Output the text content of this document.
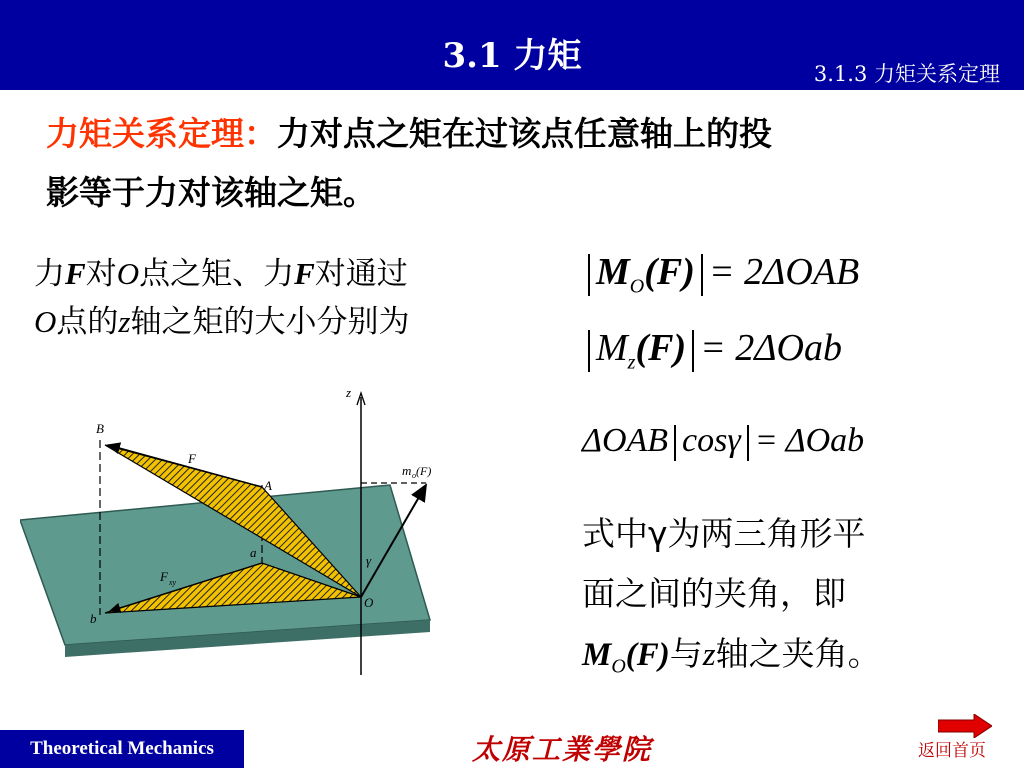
3.1 力矩	3.1.3 力矩关系定理
力矩关系定理：力对点之矩在过该点任意轴上的投
影等于力对该轴之矩。
力F对O点之矩、力F对通过
O点的z轴之矩的大小分别为
$M_O(F) = 2\Delta OAB$
$M_z(F) = 2\Delta Oab$
ΔOAB cosγ = ΔOab
式中γ为两三角形平
面之间的夹角，即
$M_O(F)$与z轴之夹角。
B
F
A
a
F xy
b
O
z
γ
m o (F)
Theoretical Mechanics	太原工業學院	返回首页
